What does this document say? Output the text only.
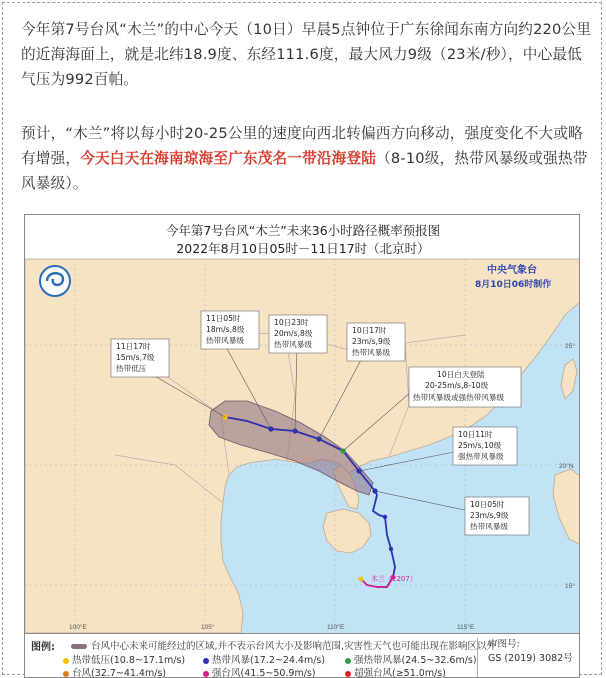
今年第7号台风“木兰”的中心今天（10日）早晨5点钟位于广东徐闻东南方向约220公里的近海海面上，就是北纬18.9度、东经111.6度，最大风力9级（23米/秒），中心最低气压为992百帕。
预计，“木兰”将以每小时20-25公里的速度向西北转偏西方向移动，强度变化不大或略有增强，今天白天在海南琼海至广东茂名一带沿海登陆（8-10级，热带风暴级或强热带风暴级）。
100°E	105°	110°E	115°E
25°
20°N
15°
木兰（2207）
11日17时
15m/s,7级
热带低压
11日05时
18m/s,8级
热带风暴级
10日23时
20m/s,8级
热带风暴级
10日17时
23m/s,9级
热带风暴级
10日白天登陆
20-25m/s,8-10级
热带风暴级或强热带风暴级
10日11时
25m/s,10级
强热带风暴级
10日05时
23m/s,9级
热带风暴级
中央气象台
8月10日06时制作
今年第7号台风“木兰”未来36小时路径概率预报图
2022年8月10日05时－11日17时（北京时）
图例:	台风中心未来可能经过的区域,并不表示台风大小及影响范围,灾害性天气也可能出现在影响区以外
热带低压(10.8~17.1m/s)	热带风暴(17.2~24.4m/s)	强热带风暴(24.5~32.6m/s)
台风(32.7~41.4m/s)	强台风(41.5~50.9m/s)	超强台风(≥51.0m/s)
审图号:
GS (2019) 3082号
